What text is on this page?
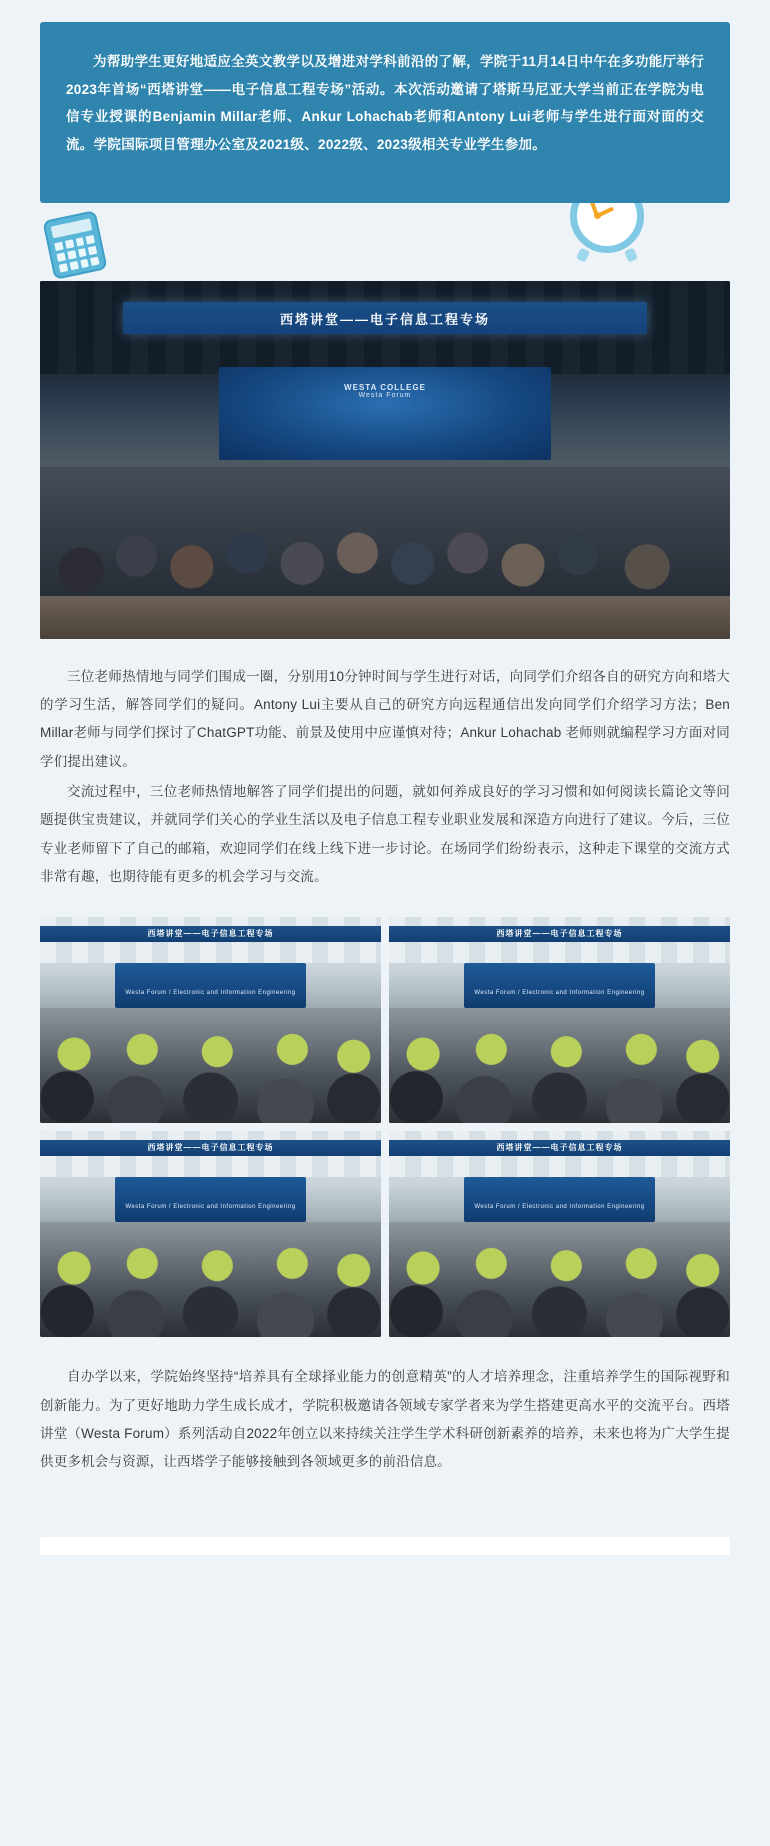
为帮助学生更好地适应全英文教学以及增进对学科前沿的了解，学院于11月14日中午在多功能厅举行2023年首场“西塔讲堂——电子信息工程专场”活动。本次活动邀请了塔斯马尼亚大学当前正在学院为电信专业授课的Benjamin Millar老师、Ankur Lohachab老师和Antony Lui老师与学生进行面对面的交流。学院国际项目管理办公室及2021级、2022级、2023级相关专业学生参加。

西塔讲堂——电子信息工程专场
WESTA COLLEGE
Westa Forum

三位老师热情地与同学们围成一圈，分别用10分钟时间与学生进行对话，向同学们介绍各自的研究方向和塔大的学习生活，解答同学们的疑问。Antony Lui主要从自己的研究方向远程通信出发向同学们介绍学习方法；Ben Millar老师与同学们探讨了ChatGPT功能、前景及使用中应谨慎对待；Ankur Lohachab 老师则就编程学习方面对同学们提出建议。

交流过程中，三位老师热情地解答了同学们提出的问题，就如何养成良好的学习习惯和如何阅读长篇论文等问题提供宝贵建议，并就同学们关心的学业生活以及电子信息工程专业职业发展和深造方向进行了建议。今后，三位专业老师留下了自己的邮箱，欢迎同学们在线上线下进一步讨论。在场同学们纷纷表示，这种走下课堂的交流方式非常有趣，也期待能有更多的机会学习与交流。

西塔讲堂——电子信息工程专场
Westa Forum / Electronic and Information Engineering
西塔讲堂——电子信息工程专场
Westa Forum / Electronic and Information Engineering
西塔讲堂——电子信息工程专场
Westa Forum / Electronic and Information Engineering
西塔讲堂——电子信息工程专场
Westa Forum / Electronic and Information Engineering

自办学以来，学院始终坚持“培养具有全球择业能力的创意精英”的人才培养理念，注重培养学生的国际视野和创新能力。为了更好地助力学生成长成才，学院积极邀请各领域专家学者来为学生搭建更高水平的交流平台。西塔讲堂（Westa Forum）系列活动自2022年创立以来持续关注学生学术科研创新素养的培养，未来也将为广大学生提供更多机会与资源，让西塔学子能够接触到各领域更多的前沿信息。
